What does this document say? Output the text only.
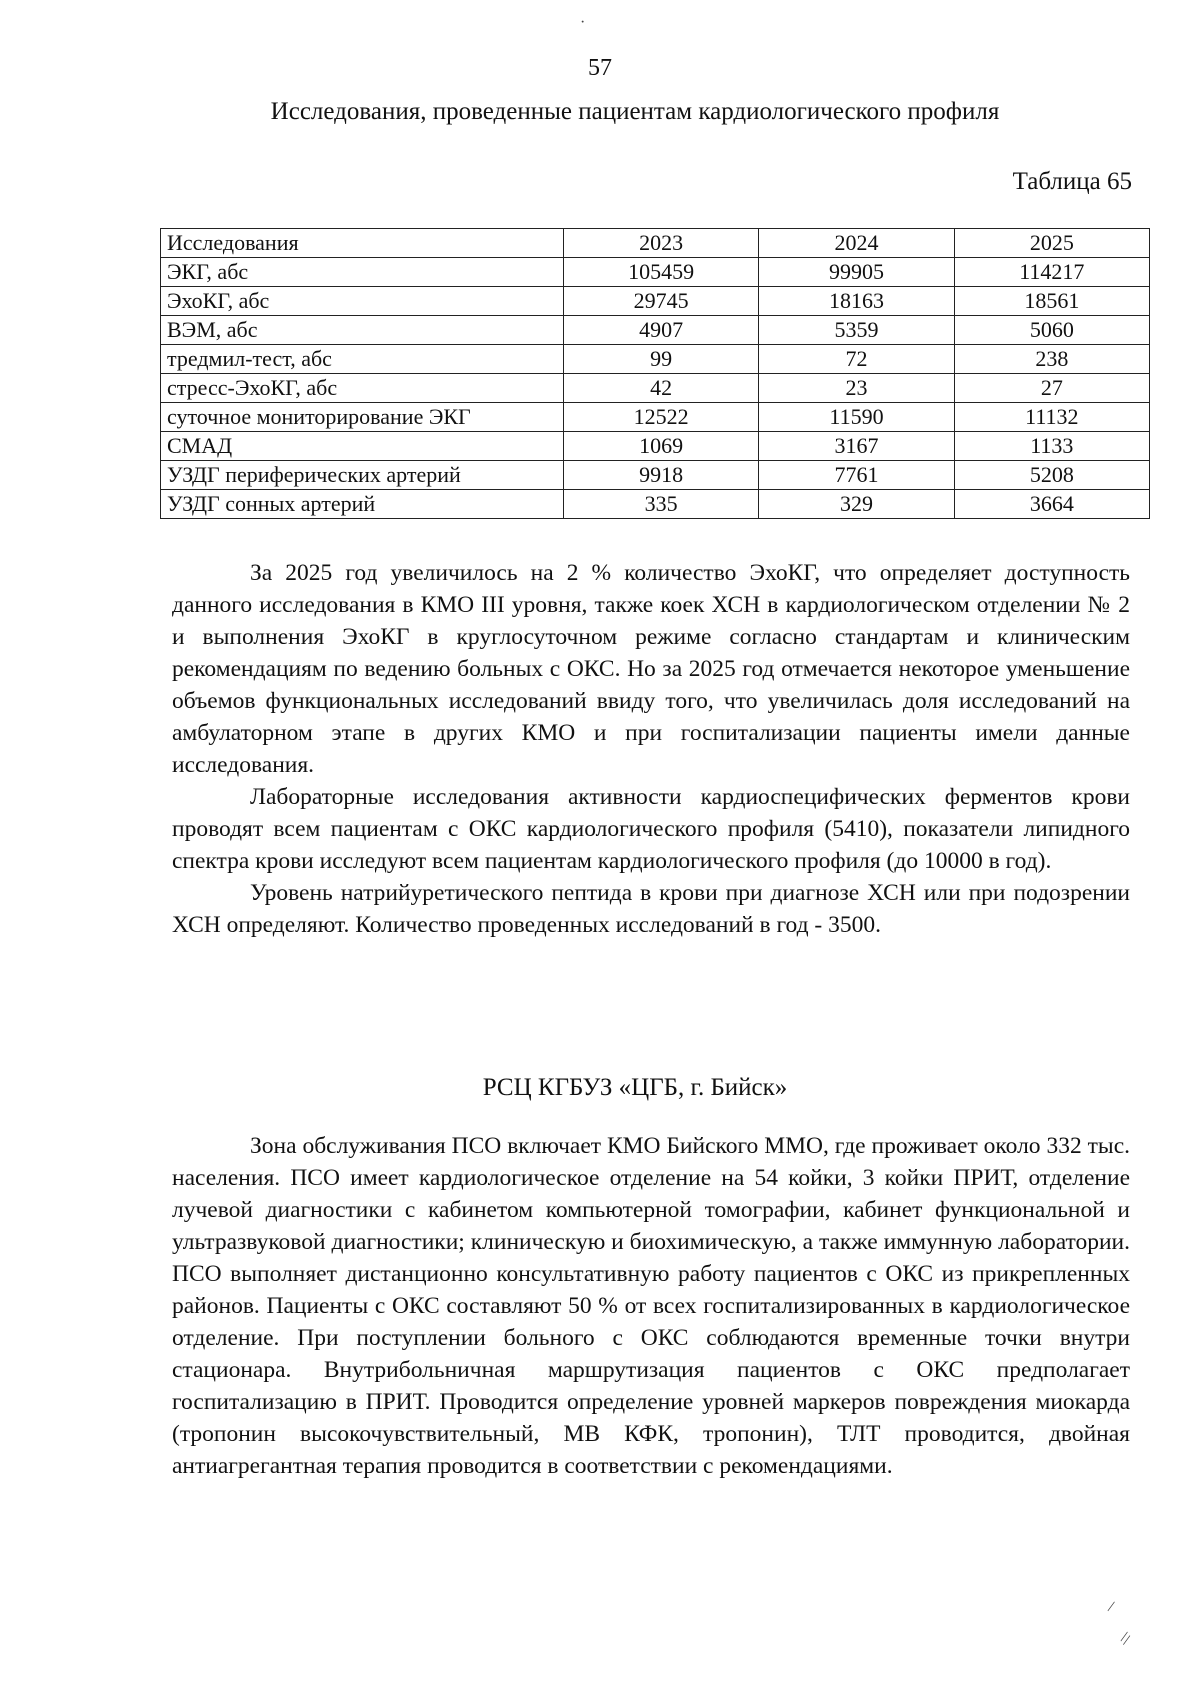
57
Исследования, проведенные пациентам кардиологического профиля
Таблица 65
Исследования	2023	2024	2025
ЭКГ, абс	105459	99905	114217
ЭхоКГ, абс	29745	18163	18561
ВЭМ, абс	4907	5359	5060
тредмил-тест, абс	99	72	238
стресс-ЭхоКГ, абс	42	23	27
суточное мониторирование ЭКГ	12522	11590	11132
СМАД	1069	3167	1133
УЗДГ периферических артерий	9918	7761	5208
УЗДГ сонных артерий	335	329	3664

За 2025 год увеличилось на 2 % количество ЭхоКГ, что определяет доступность данного исследования в КМО III уровня, также коек ХСН в кардиологическом отделении № 2 и выполнения ЭхоКГ в круглосуточном режиме согласно стандартам и клиническим рекомендациям по ведению больных с ОКС. Но за 2025 год отмечается некоторое уменьшение объемов функциональных исследований ввиду того, что увеличилась доля исследований на амбулаторном этапе в других КМО и при госпитализации пациенты имели данные исследования.

Лабораторные исследования активности кардиоспецифических ферментов крови проводят всем пациентам с ОКС кардиологического профиля (5410), показатели липидного спектра крови исследуют всем пациентам кардиологического профиля (до 10000 в год).

Уровень натрийуретического пептида в крови при диагнозе ХСН или при подозрении ХСН определяют. Количество проведенных исследований в год - 3500.

РСЦ КГБУЗ «ЦГБ, г. Бийск»

Зона обслуживания ПСО включает КМО Бийского ММО, где проживает около 332 тыс. населения. ПСО имеет кардиологическое отделение на 54 койки, 3 койки ПРИТ, отделение лучевой диагностики с кабинетом компьютерной томографии, кабинет функциональной и ультразвуковой диагностики; клиническую и биохимическую, а также иммунную лаборатории. ПСО выполняет дистанционно консультативную работу пациентов с ОКС из прикрепленных районов. Пациенты с ОКС составляют 50 % от всех госпитализированных в кардиологическое отделение. При поступлении больного с ОКС соблюдаются временные точки внутри стационара. Внутрибольничная маршрутизация пациентов с ОКС предполагает госпитализацию в ПРИТ. Проводится определение уровней маркеров повреждения миокарда (тропонин высокочувствительный, MB КФК, тропонин), ТЛТ проводится, двойная антиагрегантная терапия проводится в соответствии с рекомендациями.

·
\
\\
